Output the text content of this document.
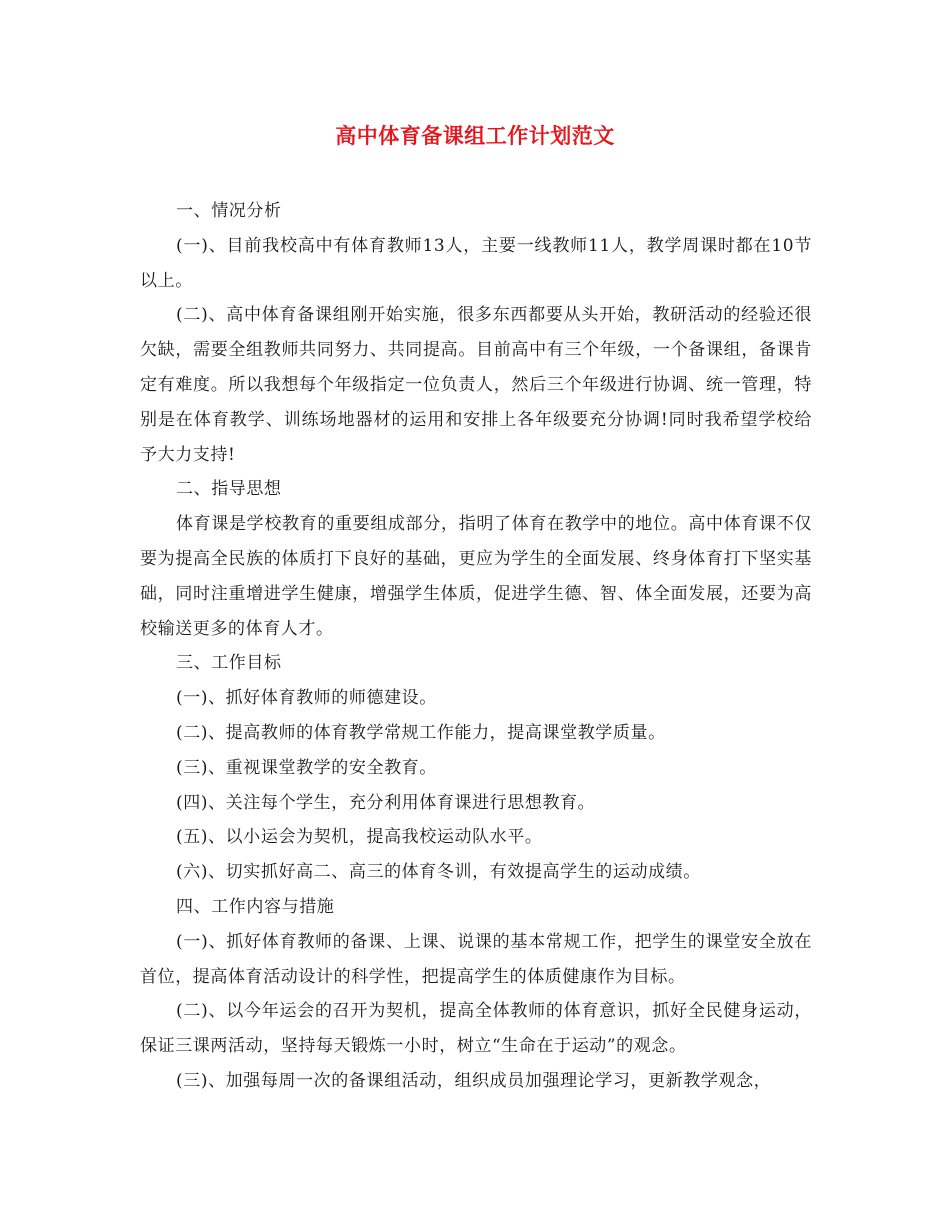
高中体育备课组工作计划范文

一、情况分析

(一)、目前我校高中有体育教师13人，主要一线教师11人，教学周课时都在10节以上。

(二)、高中体育备课组刚开始实施，很多东西都要从头开始，教研活动的经验还很欠缺，需要全组教师共同努力、共同提高。目前高中有三个年级，一个备课组，备课肯定有难度。所以我想每个年级指定一位负责人，然后三个年级进行协调、统一管理，特别是在体育教学、训练场地器材的运用和安排上各年级要充分协调!同时我希望学校给予大力支持!

二、指导思想

体育课是学校教育的重要组成部分，指明了体育在教学中的地位。高中体育课不仅要为提高全民族的体质打下良好的基础，更应为学生的全面发展、终身体育打下坚实基础，同时注重增进学生健康，增强学生体质，促进学生德、智、体全面发展，还要为高校输送更多的体育人才。

三、工作目标

(一)、抓好体育教师的师德建设。

(二)、提高教师的体育教学常规工作能力，提高课堂教学质量。

(三)、重视课堂教学的安全教育。

(四)、关注每个学生，充分利用体育课进行思想教育。

(五)、以小运会为契机，提高我校运动队水平。

(六)、切实抓好高二、高三的体育冬训，有效提高学生的运动成绩。

四、工作内容与措施

(一)、抓好体育教师的备课、上课、说课的基本常规工作，把学生的课堂安全放在首位，提高体育活动设计的科学性，把提高学生的体质健康作为目标。

(二)、以今年运会的召开为契机，提高全体教师的体育意识，抓好全民健身运动，保证三课两活动，坚持每天锻炼一小时，树立“生命在于运动”的观念。

(三)、加强每周一次的备课组活动，组织成员加强理论学习，更新教学观念，
